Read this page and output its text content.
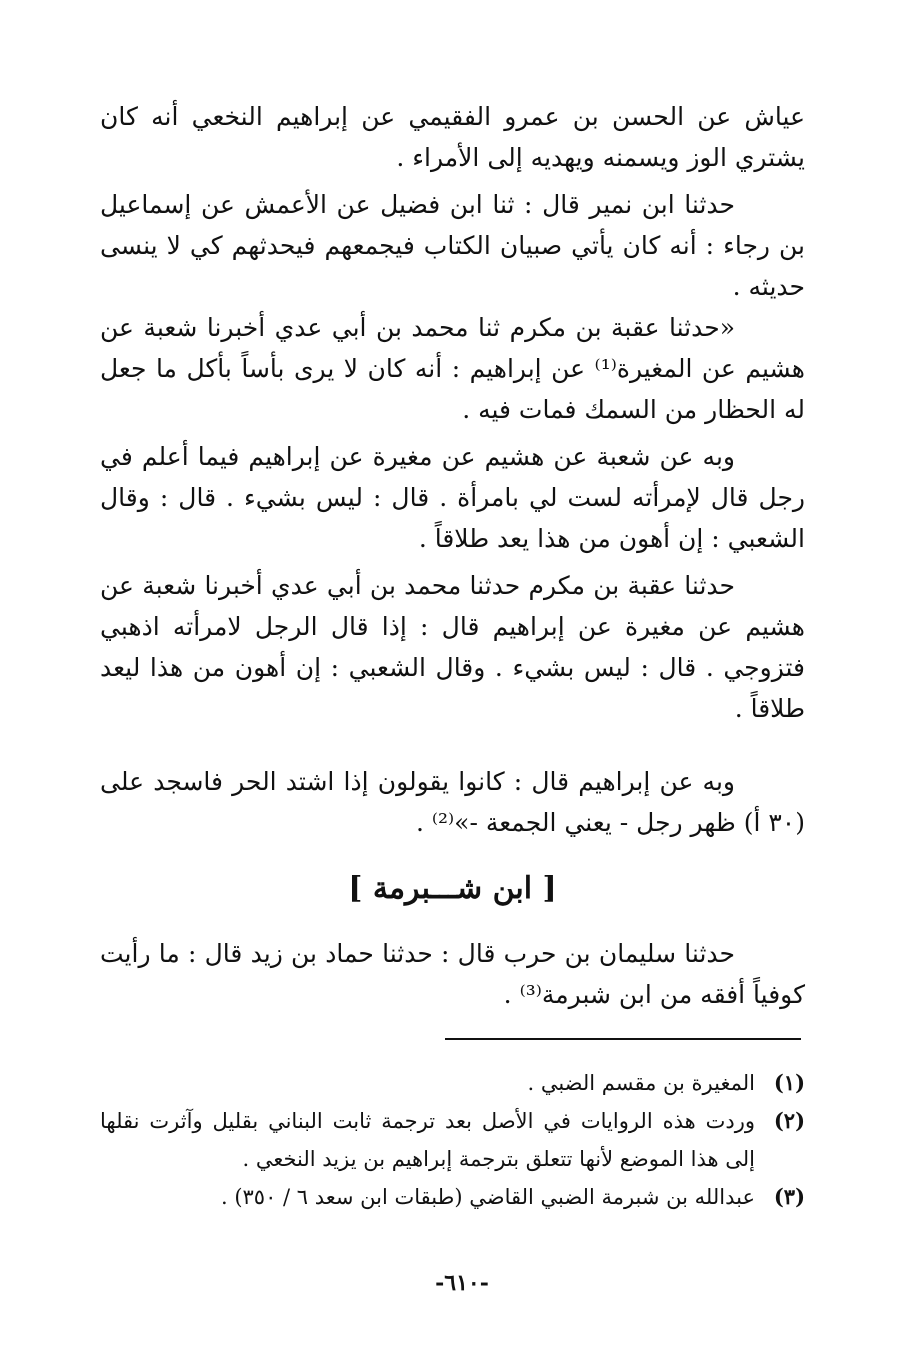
عياش عن الحسن بن عمرو الفقيمي عن إبراهيم النخعي أنه كان يشتري الوز ويسمنه ويهديه إلى الأمراء .

حدثنا ابن نمير قال : ثنا ابن فضيل عن الأعمش عن إسماعيل بن رجاء : أنه كان يأتي صبيان الكتاب فيجمعهم فيحدثهم كي لا ينسى حديثه .

«حدثنا عقبة بن مكرم ثنا محمد بن أبي عدي أخبرنا شعبة عن هشيم عن المغيرة⁽¹⁾ عن إبراهيم : أنه كان لا يرى بأساً بأكل ما جعل له الحظار من السمك فمات فيه .

وبه عن شعبة عن هشيم عن مغيرة عن إبراهيم فيما أعلم في رجل قال لإمرأته لست لي بامرأة . قال : ليس بشيء . قال : وقال الشعبي : إن أهون من هذا يعد طلاقاً .

حدثنا عقبة بن مكرم حدثنا محمد بن أبي عدي أخبرنا شعبة عن هشيم عن مغيرة عن إبراهيم قال : إذا قال الرجل لامرأته اذهبي فتزوجي . قال : ليس بشيء . وقال الشعبي : إن أهون من هذا ليعد طلاقاً .

وبه عن إبراهيم قال : كانوا يقولون إذا اشتد الحر فاسجد على (٣٠ أ) ظهر رجل - يعني الجمعة -»⁽²⁾ .

[ ابن شـــبرمة ]

حدثنا سليمان بن حرب قال : حدثنا حماد بن زيد قال : ما رأيت كوفياً أفقه من ابن شبرمة⁽³⁾ .

(١)
المغيرة بن مقسم الضبي .
(٢)
وردت هذه الروايات في الأصل بعد ترجمة ثابت البناني بقليل وآثرت نقلها إلى هذا الموضع لأنها تتعلق بترجمة إبراهيم بن يزيد النخعي .
(٣)
عبدالله بن شبرمة الضبي القاضي (طبقات ابن سعد ٦ / ٣٥٠) .
-٦١٠-
